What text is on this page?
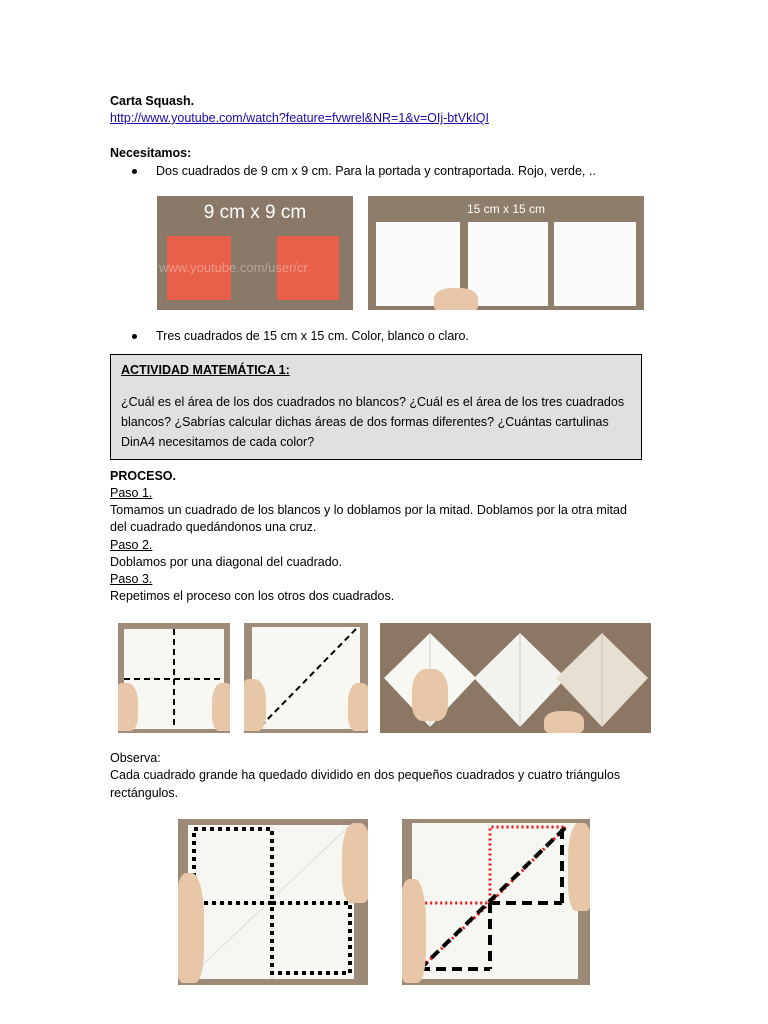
Carta Squash.
http://www.youtube.com/watch?feature=fvwrel&NR=1&v=OIj-btVkIQI
Necesitamos:
Dos cuadrados de 9 cm x 9 cm. Para la portada y contraportada. Rojo, verde, ..
9 cm x 9 cm
www.youtube.com/user/cr
15 cm x 15 cm
Tres cuadrados de 15 cm x 15 cm. Color, blanco o claro.
ACTIVIDAD MATEMÁTICA 1:
¿Cuál es el área de los dos cuadrados no blancos? ¿Cuál es el área de los tres cuadrados
blancos? ¿Sabrías calcular dichas áreas de dos formas diferentes? ¿Cuántas cartulinas
DinA4 necesitamos de cada color?
PROCESO.
Paso 1.
Tomamos un cuadrado de los blancos y lo doblamos por la mitad. Doblamos por la otra mitad
del cuadrado quedándonos una cruz.
Paso 2.
Doblamos por una diagonal del cuadrado.
Paso 3.
Repetimos el proceso con los otros dos cuadrados.
Observa:
Cada cuadrado grande ha quedado dividido en dos pequeños cuadrados y cuatro triángulos
rectángulos.
